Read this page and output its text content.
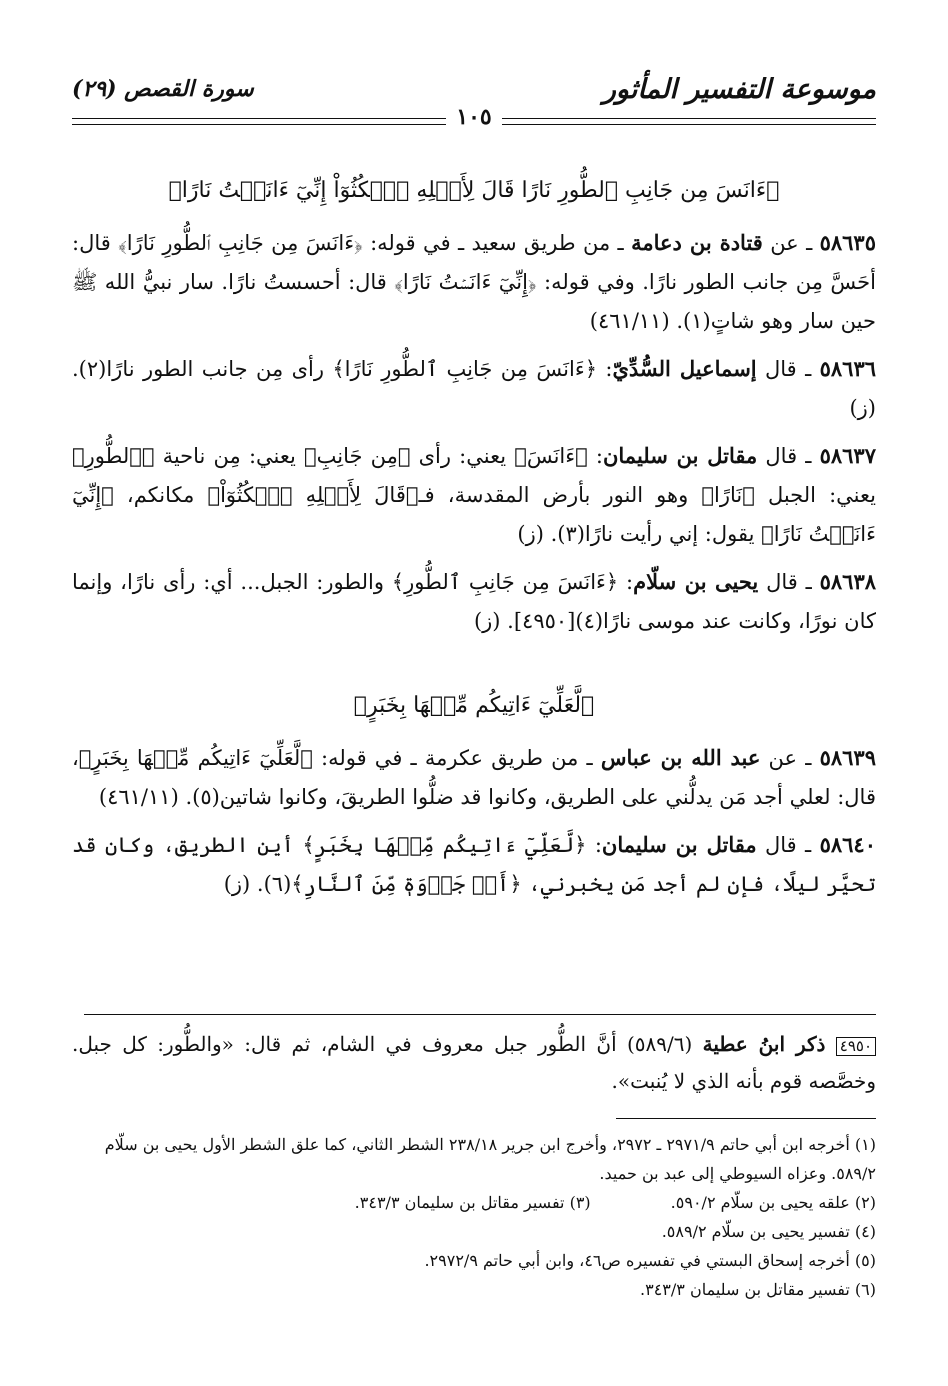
موسوعة التفسير المأثور
سورة القصص (٢٩)
١٠٥
﴿ءَانَسَ مِن جَانِبِ ٱلطُّورِ نَارًا قَالَ لِأَهۡلِهِ ٱمۡكُثُوٓاْ إِنِّيٓ ءَانَسۡتُ نَارًا﴾

٥٨٦٣٥ ـ عن قتادة بن دعامة ـ من طريق سعيد ـ في قوله: ﴿ءَانَسَ مِن جَانِبِ ٱلطُّورِ نَارًا﴾ قال: أحَسَّ مِن جانب الطور نارًا. وفي قوله: ﴿إِنِّيٓ ءَانَسۡتُ نَارًا﴾ قال: أحسستُ نارًا. سار نبيُّ الله ﷺ حين سار وهو شاتٍ(١). (٤٦١/١١)

٥٨٦٣٦ ـ قال إسماعيل السُّدِّيّ: ﴿ءَانَسَ مِن جَانِبِ ٱلطُّورِ نَارًا﴾ رأى مِن جانب الطور نارًا(٢). (ز)

٥٨٦٣٧ ـ قال مقاتل بن سليمان: ﴿ءَانَسَ﴾ يعني: رأى ﴿مِن جَانِبِ﴾ يعني: مِن ناحية ﴿ٱلطُّورِ﴾ يعني: الجبل ﴿نَارًا﴾ وهو النور بأرض المقدسة، فـ﴿قَالَ لِأَهۡلِهِ ٱمۡكُثُوٓاْ﴾ مكانكم، ﴿إِنِّيٓ ءَانَسۡتُ نَارًا﴾ يقول: إني رأيت نارًا(٣). (ز)

٥٨٦٣٨ ـ قال يحيى بن سلّام: ﴿ءَانَسَ مِن جَانِبِ ٱلطُّورِ﴾ والطور: الجبل... أي: رأى نارًا، وإنما كان نورًا، وكانت عند موسى نارًا(٤)[٤٩٥٠]. (ز)

﴿لَّعَلِّيٓ ءَاتِيكُم مِّنۡهَا بِخَبَرٍ﴾

٥٨٦٣٩ ـ عن عبد الله بن عباس ـ من طريق عكرمة ـ في قوله: ﴿لَّعَلِّيٓ ءَاتِيكُم مِّنۡهَا بِخَبَرٍ﴾، قال: لعلي أجد مَن يدلُّني على الطريق، وكانوا قد ضلُّوا الطريقَ، وكانوا شاتين(٥). (٤٦١/١١)

٥٨٦٤٠ ـ قال مقاتل بن سليمان: ﴿لَّعَلِّيٓ ءَاتِيكُم مِّنۡهَا بِخَبَرٍ﴾ أين الطريق، وكان قد تحيَّر ليلًا، فإن لم أجد مَن يخبرني، ﴿أَوۡ جَذۡوَةٖ مِّنَ ٱلنَّارِ﴾(٦). (ز)

٤٩٥٠ ذكر ابنُ عطية (٥٨٩/٦) أنَّ الطُّور جبل معروف في الشام، ثم قال: «والطُّور: كل جبل. وخصَّصه قوم بأنه الذي لا يُنبت».
(١) أخرجه ابن أبي حاتم ٢٩٧١/٩ ـ ٢٩٧٢، وأخرج ابن جرير ٢٣٨/١٨ الشطر الثاني، كما علق الشطر الأول يحيى بن سلّام ٥٨٩/٢. وعزاه السيوطي إلى عبد بن حميد.
(٢) علقه يحيى بن سلّام ٥٩٠/٢.
(٣) تفسير مقاتل بن سليمان ٣٤٣/٣.
(٤) تفسير يحيى بن سلّام ٥٨٩/٢.
(٥) أخرجه إسحاق البستي في تفسيره ص٤٦، وابن أبي حاتم ٢٩٧٢/٩.
(٦) تفسير مقاتل بن سليمان ٣٤٣/٣.
